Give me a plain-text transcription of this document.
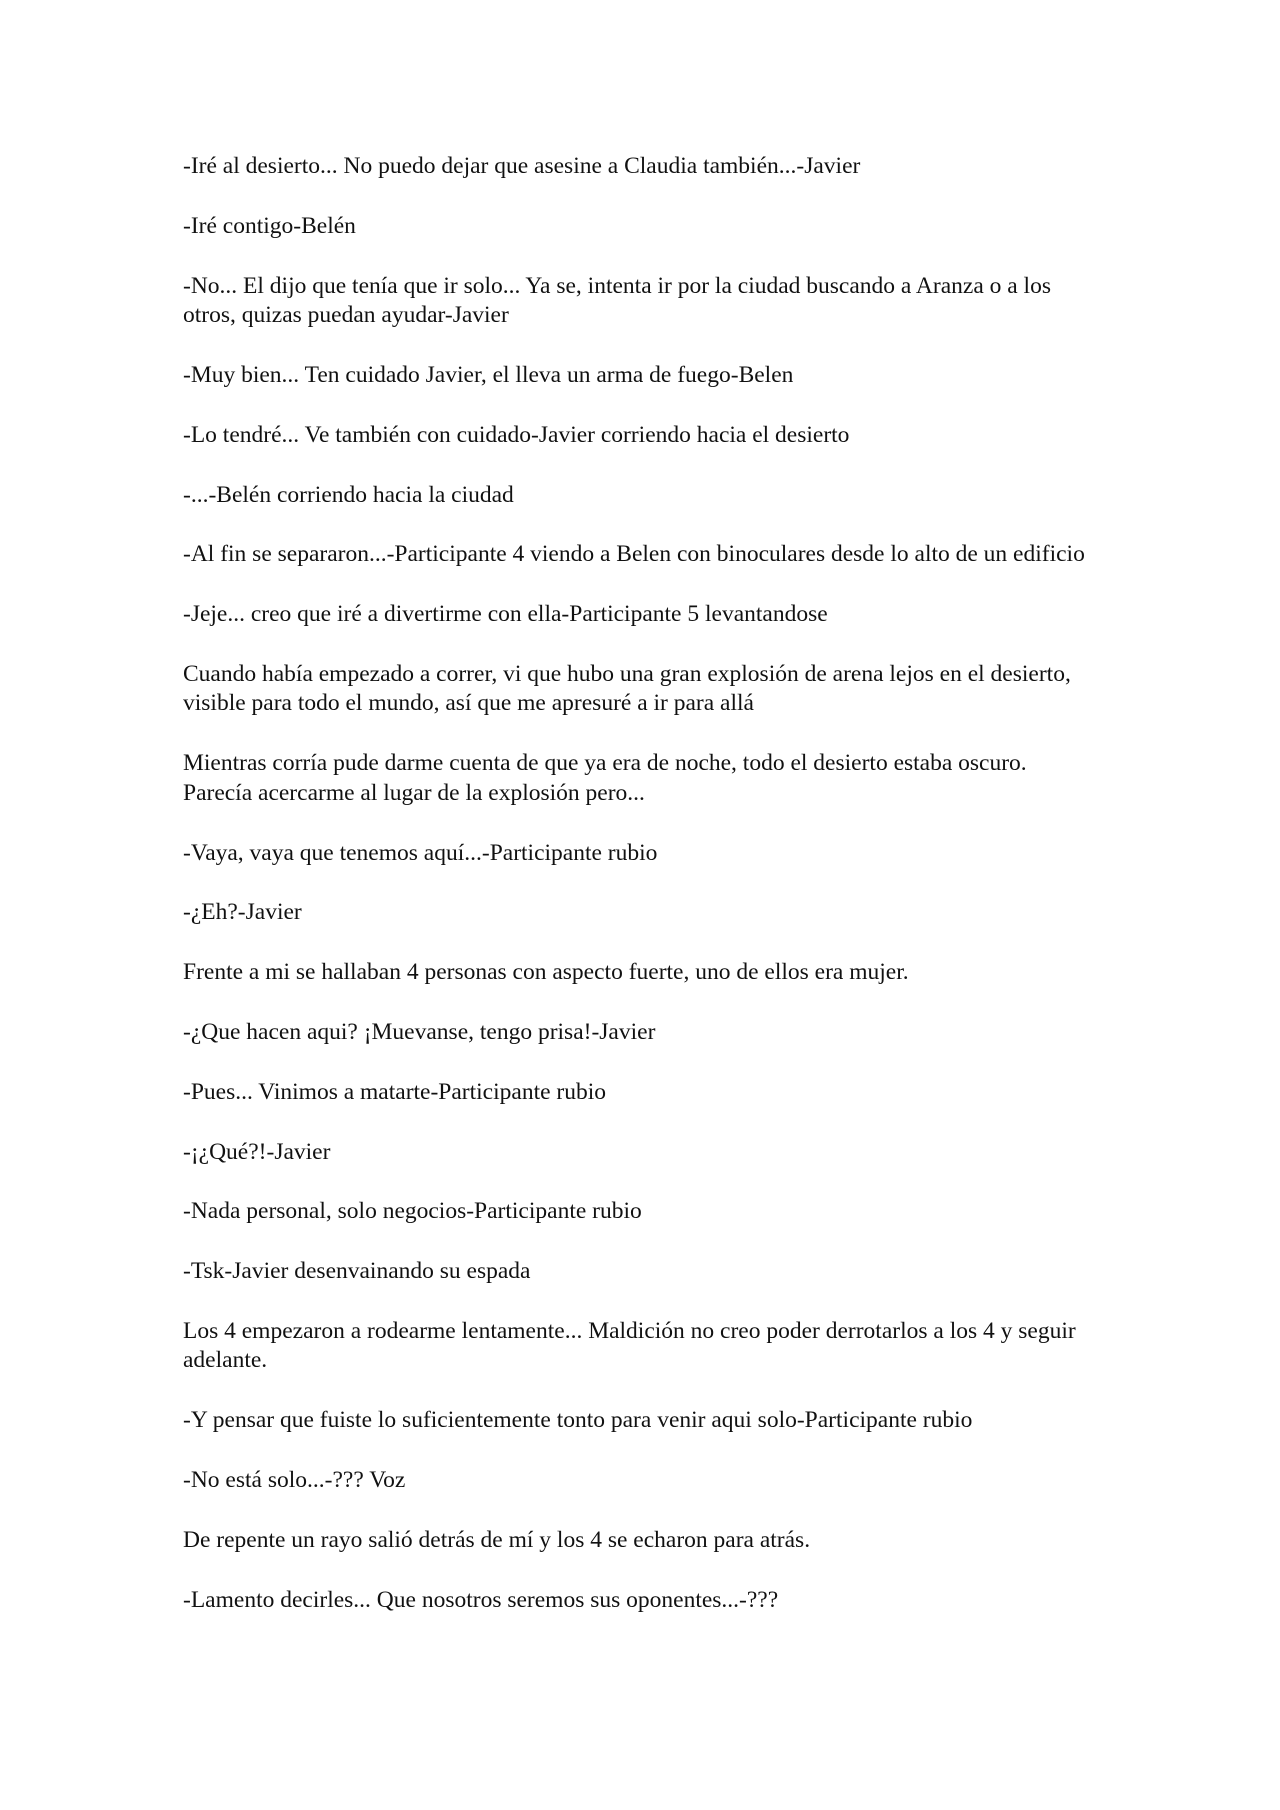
-Iré al desierto... No puedo dejar que asesine a Claudia también...-Javier

-Iré contigo-Belén

-No... El dijo que tenía que ir solo... Ya se, intenta ir por la ciudad buscando a Aranza o a los otros, quizas puedan ayudar-Javier

-Muy bien... Ten cuidado Javier, el lleva un arma de fuego-Belen

-Lo tendré... Ve también con cuidado-Javier corriendo hacia el desierto

-...-Belén corriendo hacia la ciudad

-Al fin se separaron...-Participante 4 viendo a Belen con binoculares desde lo alto de un edificio

-Jeje... creo que iré a divertirme con ella-Participante 5 levantandose

Cuando había empezado a correr, vi que hubo una gran explosión de arena lejos en el desierto, visible para todo el mundo, así que me apresuré a ir para allá

Mientras corría pude darme cuenta de que ya era de noche, todo el desierto estaba oscuro. Parecía acercarme al lugar de la explosión pero...

-Vaya, vaya que tenemos aquí...-Participante rubio

-¿Eh?-Javier

Frente a mi se hallaban 4 personas con aspecto fuerte, uno de ellos era mujer.

-¿Que hacen aqui? ¡Muevanse, tengo prisa!-Javier

-Pues... Vinimos a matarte-Participante rubio

-¡¿Qué?!-Javier

-Nada personal, solo negocios-Participante rubio

-Tsk-Javier desenvainando su espada

Los 4 empezaron a rodearme lentamente... Maldición no creo poder derrotarlos a los 4 y seguir adelante.

-Y pensar que fuiste lo suficientemente tonto para venir aqui solo-Participante rubio

-No está solo...-??? Voz

De repente un rayo salió detrás de mí y los 4 se echaron para atrás.

-Lamento decirles... Que nosotros seremos sus oponentes...-???
